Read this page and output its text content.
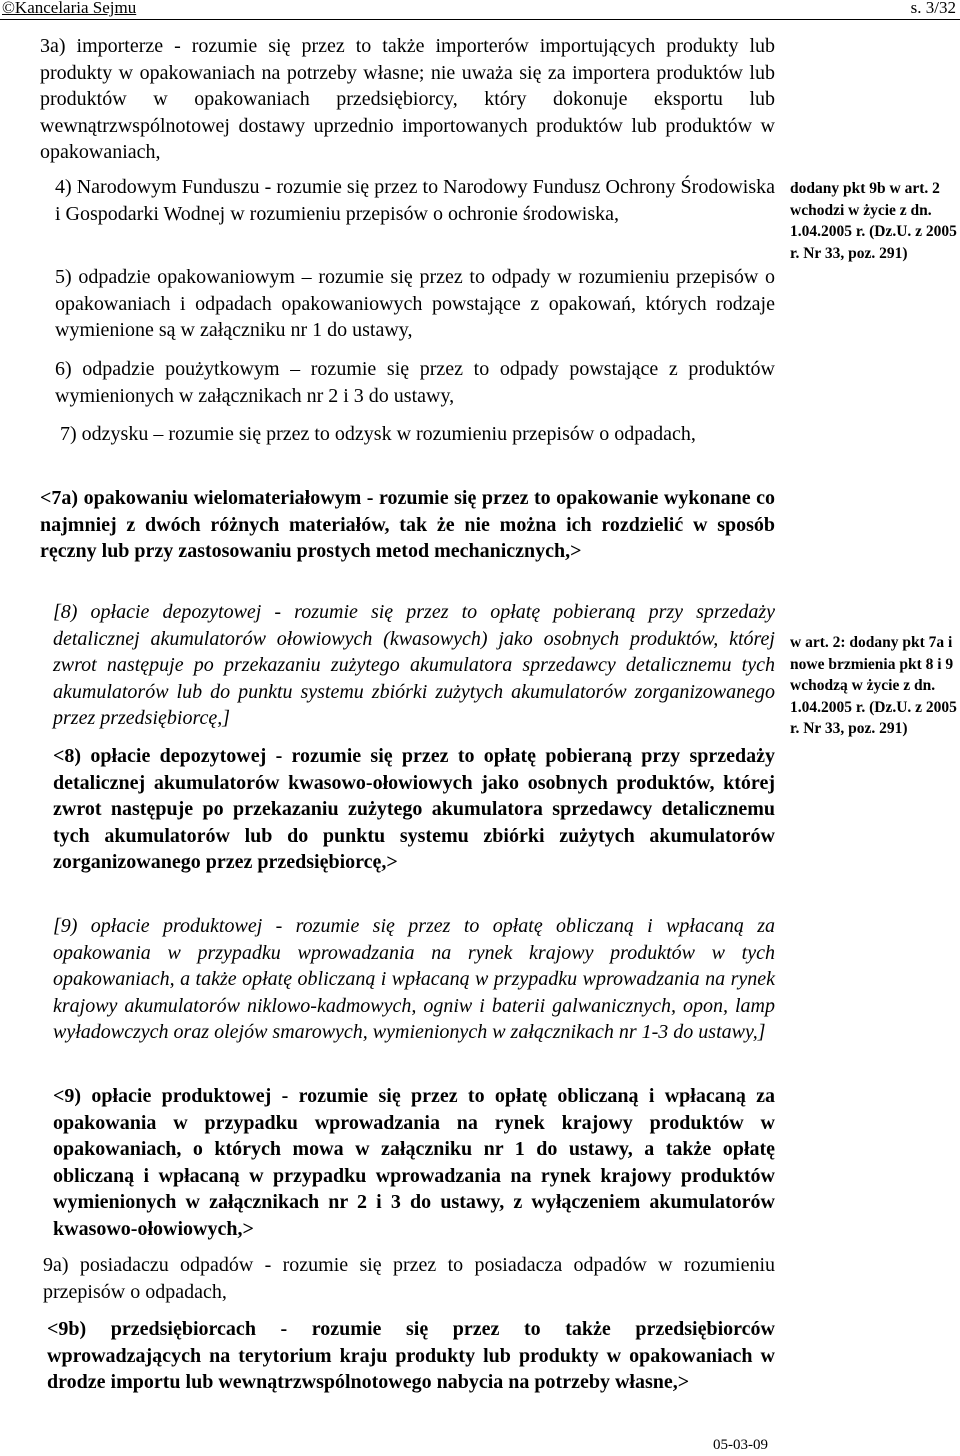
©Kancelaria Sejmu	s. 3/32
3a) importerze - rozumie się przez to także importerów importujących produkty lub produkty w opakowaniach na potrzeby własne; nie uważa się za importera produktów lub produktów w opakowaniach przedsiębiorcy, który dokonuje eksportu lub wewnątrzwspólnotowej dostawy uprzednio importowanych produktów lub produktów w opakowaniach,
4) Narodowym Funduszu - rozumie się przez to Narodowy Fundusz Ochrony Środowiska i Gospodarki Wodnej w rozumieniu przepisów o ochronie środowiska,
5) odpadzie opakowaniowym – rozumie się przez to odpady w rozumieniu przepisów o opakowaniach i odpadach opakowaniowych powstające z opakowań, których rodzaje wymienione są w załączniku nr 1 do ustawy,
6) odpadzie poużytkowym – rozumie się przez to odpady powstające z produktów wymienionych w załącznikach nr 2 i 3 do ustawy,
7) odzysku – rozumie się przez to odzysk w rozumieniu przepisów o odpadach,
<7a) opakowaniu wielomateriałowym - rozumie się przez to opakowanie wykonane co najmniej z dwóch różnych materiałów, tak że nie można ich rozdzielić w sposób ręczny lub przy zastosowaniu prostych metod mechanicznych,>
[8) opłacie depozytowej - rozumie się przez to opłatę pobieraną przy sprzedaży detalicznej akumulatorów ołowiowych (kwasowych) jako osobnych produktów, której zwrot następuje po przekazaniu zużytego akumulatora sprzedawcy detalicznemu tych akumulatorów lub do punktu systemu zbiórki zużytych akumulatorów zorganizowanego przez przedsiębiorcę,]
<8) opłacie depozytowej - rozumie się przez to opłatę pobieraną przy sprzedaży detalicznej akumulatorów kwasowo-ołowiowych jako osobnych produktów, której zwrot następuje po przekazaniu zużytego akumulatora sprzedawcy detalicznemu tych akumulatorów lub do punktu systemu zbiórki zużytych akumulatorów zorganizowanego przez przedsiębiorcę,>
[9) opłacie produktowej - rozumie się przez to opłatę obliczaną i wpłacaną za opakowania w przypadku wprowadzania na rynek krajowy produktów w tych opakowaniach, a także opłatę obliczaną i wpłacaną w przypadku wprowadzania na rynek krajowy akumulatorów niklowo-kadmowych, ogniw i baterii galwanicznych, opon, lamp wyładowczych oraz olejów smarowych, wymienionych w załącznikach nr 1-3 do ustawy,]
<9) opłacie produktowej - rozumie się przez to opłatę obliczaną i wpłacaną za opakowania w przypadku wprowadzania na rynek krajowy produktów w opakowaniach, o których mowa w załączniku nr 1 do ustawy, a także opłatę obliczaną i wpłacaną w przypadku wprowadzania na rynek krajowy produktów wymienionych w załącznikach nr 2 i 3 do ustawy, z wyłączeniem akumulatorów kwasowo-ołowiowych,>
9a) posiadaczu odpadów - rozumie się przez to posiadacza odpadów w rozumieniu przepisów o odpadach,
<9b) przedsiębiorcach - rozumie się przez to także przedsiębiorców wprowadzających na terytorium kraju produkty lub produkty w opakowaniach w drodze importu lub wewnątrzwspólnotowego nabycia na potrzeby własne,>
dodany pkt 9b w art. 2 wchodzi w życie z dn. 1.04.2005 r. (Dz.U. z 2005 r. Nr 33, poz. 291)
w art. 2: dodany pkt 7a i nowe brzmienia pkt 8 i 9 wchodzą w życie z dn. 1.04.2005 r. (Dz.U. z 2005 r. Nr 33, poz. 291)
05-03-09
